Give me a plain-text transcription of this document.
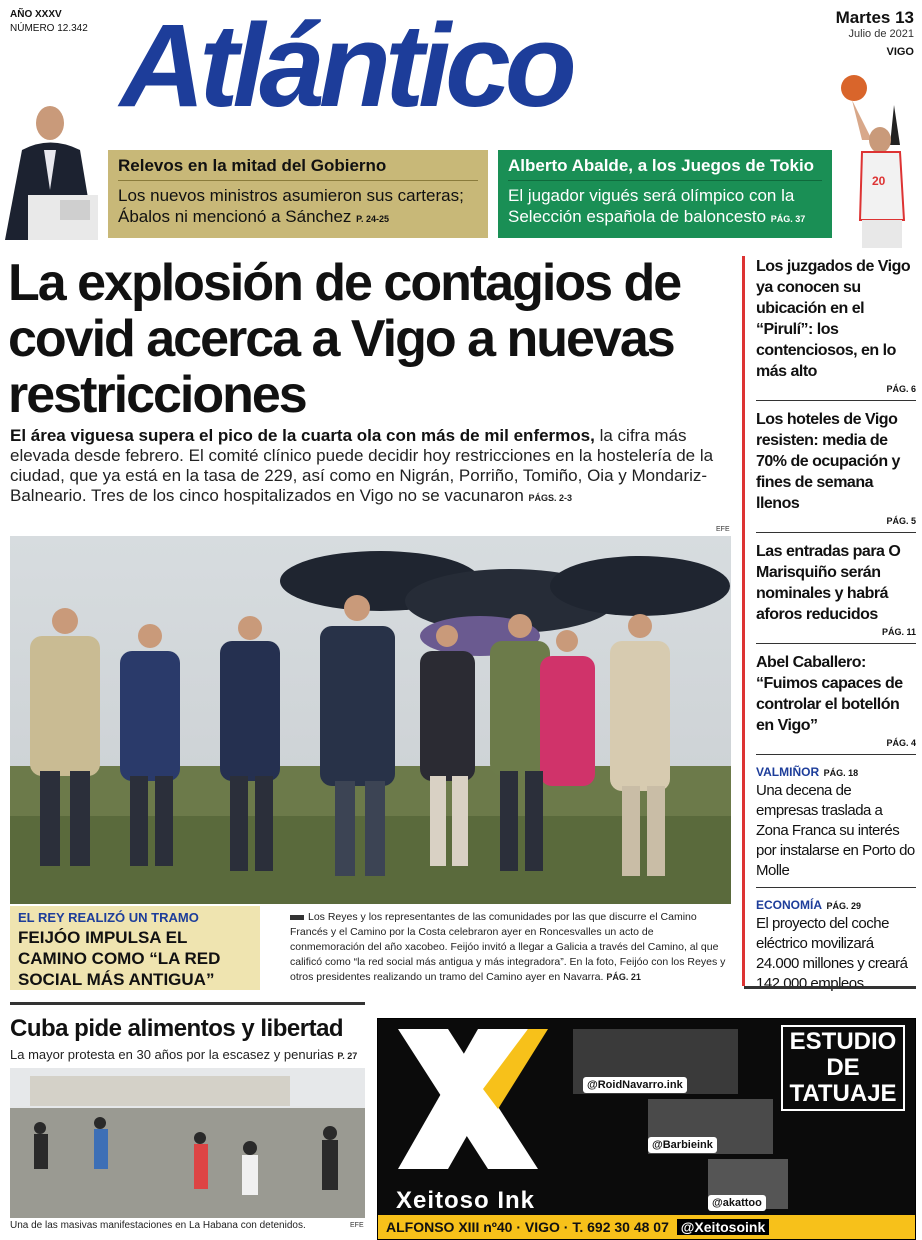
AÑO XXXV
NÚMERO 12.342 Atlántico	Martes 13
Julio de 2021
VIGO
20
Relevos en la mitad del Gobierno
Los nuevos ministros asumieron sus carteras; Ábalos ni mencionó a Sánchez P. 24-25
Alberto Abalde, a los Juegos de Tokio
El jugador vigués será olímpico con la Selección española de baloncesto PÁG. 37
La explosión de contagios de covid acerca a Vigo a nuevas restricciones
El área viguesa supera el pico de la cuarta ola con más de mil enfermos, la cifra más elevada desde febrero. El comité clínico puede decidir hoy restricciones en la hostelería de la ciudad, que ya está en la tasa de 229, así como en Nigrán, Porriño, Tomiño, Oia y Mondariz-Balneario. Tres de los cinco hospitalizados en Vigo no se vacunaron PÁGS. 2-3
EFE
EL REY REALIZÓ UN TRAMO
FEIJÓO IMPULSA EL CAMINO COMO “LA RED SOCIAL MÁS ANTIGUA”
Los Reyes y los representantes de las comunidades por las que discurre el Camino Francés y el Camino por la Costa celebraron ayer en Roncesvalles un acto de conmemoración del año xacobeo. Feijóo invitó a llegar a Galicia a través del Camino, al que calificó como “la red social más antigua y más integradora”. En la foto, Feijóo con los Reyes y otros presidentes realizando un tramo del Camino ayer en Navarra. PÁG. 21
Los juzgados de Vigo ya conocen su ubicación en el “Pirulí”: los contenciosos, en lo más alto
PÁG. 6
Los hoteles de Vigo resisten: media de 70% de ocupación y fines de semana llenos
PÁG. 5
Las entradas para O Marisquiño serán nominales y habrá aforos reducidos
PÁG. 11
Abel Caballero: “Fuimos capaces de controlar el botellón en Vigo”
PÁG. 4
VALMIÑOR PÁG. 18
Una decena de empresas traslada a Zona Franca su interés por instalarse en Porto do Molle
ECONOMÍA PÁG. 29
El proyecto del coche eléctrico movilizará 24.000 millones y creará 142.000 empleos
Cuba pide alimentos y libertad
La mayor protesta en 30 años por la escasez y penurias P. 27
Una de las masivas manifestaciones en La Habana con detenidos.	EFE
ESTUDIO DE TATUAJE
@RoidNavarro.ink
@Barbieink
@akattoo
Xeitoso Ink
ALFONSO XIII nº40 · VIGO · T. 692 30 48 07 @Xeitosoink
